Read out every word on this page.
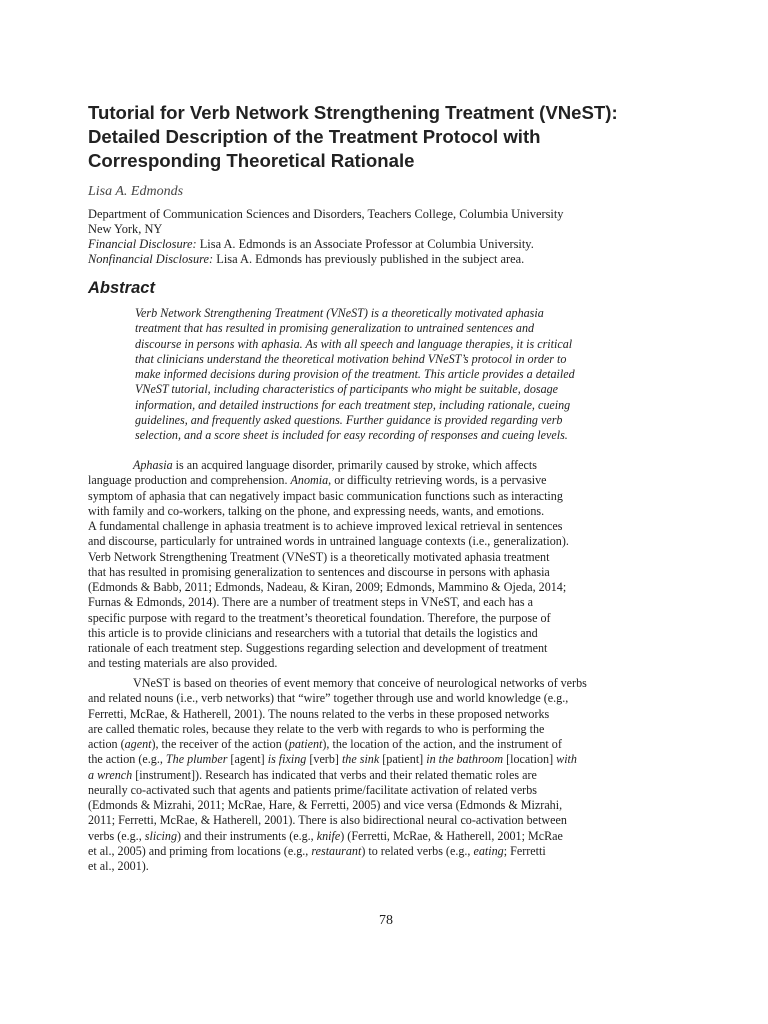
Tutorial for Verb Network Strengthening Treatment (VNeST):
Detailed Description of the Treatment Protocol with
Corresponding Theoretical Rationale
Lisa A. Edmonds
Department of Communication Sciences and Disorders, Teachers College, Columbia University
New York, NY
Financial Disclosure: Lisa A. Edmonds is an Associate Professor at Columbia University.
Nonfinancial Disclosure: Lisa A. Edmonds has previously published in the subject area.
Abstract
Verb Network Strengthening Treatment (VNeST) is a theoretically motivated aphasia
treatment that has resulted in promising generalization to untrained sentences and
discourse in persons with aphasia. As with all speech and language therapies, it is critical
that clinicians understand the theoretical motivation behind VNeST’s protocol in order to
make informed decisions during provision of the treatment. This article provides a detailed
VNeST tutorial, including characteristics of participants who might be suitable, dosage
information, and detailed instructions for each treatment step, including rationale, cueing
guidelines, and frequently asked questions. Further guidance is provided regarding verb
selection, and a score sheet is included for easy recording of responses and cueing levels.
Aphasia is an acquired language disorder, primarily caused by stroke, which affects
language production and comprehension. Anomia, or difficulty retrieving words, is a pervasive
symptom of aphasia that can negatively impact basic communication functions such as interacting
with family and co-workers, talking on the phone, and expressing needs, wants, and emotions.
A fundamental challenge in aphasia treatment is to achieve improved lexical retrieval in sentences
and discourse, particularly for untrained words in untrained language contexts (i.e., generalization).
Verb Network Strengthening Treatment (VNeST) is a theoretically motivated aphasia treatment
that has resulted in promising generalization to sentences and discourse in persons with aphasia
(Edmonds & Babb, 2011; Edmonds, Nadeau, & Kiran, 2009; Edmonds, Mammino & Ojeda, 2014;
Furnas & Edmonds, 2014). There are a number of treatment steps in VNeST, and each has a
specific purpose with regard to the treatment’s theoretical foundation. Therefore, the purpose of
this article is to provide clinicians and researchers with a tutorial that details the logistics and
rationale of each treatment step. Suggestions regarding selection and development of treatment
and testing materials are also provided.
VNeST is based on theories of event memory that conceive of neurological networks of verbs
and related nouns (i.e., verb networks) that “wire” together through use and world knowledge (e.g.,
Ferretti, McRae, & Hatherell, 2001). The nouns related to the verbs in these proposed networks
are called thematic roles, because they relate to the verb with regards to who is performing the
action (agent), the receiver of the action (patient), the location of the action, and the instrument of
the action (e.g., The plumber [agent] is fixing [verb] the sink [patient] in the bathroom [location] with
a wrench [instrument]). Research has indicated that verbs and their related thematic roles are
neurally co-activated such that agents and patients prime/facilitate activation of related verbs
(Edmonds & Mizrahi, 2011; McRae, Hare, & Ferretti, 2005) and vice versa (Edmonds & Mizrahi,
2011; Ferretti, McRae, & Hatherell, 2001). There is also bidirectional neural co-activation between
verbs (e.g., slicing) and their instruments (e.g., knife) (Ferretti, McRae, & Hatherell, 2001; McRae
et al., 2005) and priming from locations (e.g., restaurant) to related verbs (e.g., eating; Ferretti
et al., 2001).
78
